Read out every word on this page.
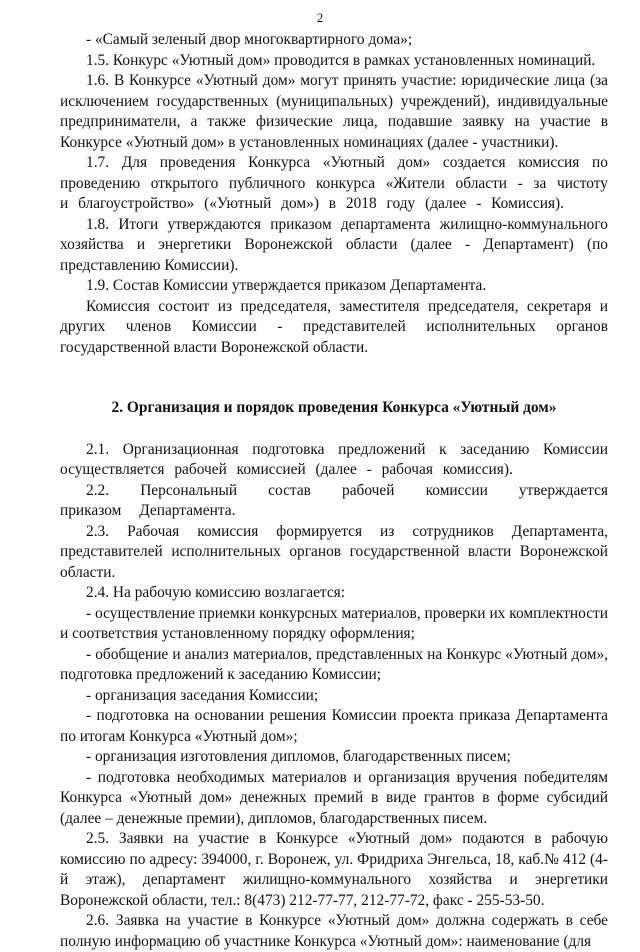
2

- «Самый зеленый двор многоквартирного дома»;

1.5. Конкурс «Уютный дом» проводится в рамках установленных номинаций.

1.6. В Конкурсе «Уютный дом» могут принять участие: юридические лица (за исключением государственных (муниципальных) учреждений), индивидуальные предприниматели, а также физические лица, подавшие заявку на участие в Конкурсе «Уютный дом» в установленных номинациях (далее - участники).

1.7. Для проведения Конкурса «Уютный дом» создается комиссия по проведению открытого публичного конкурса «Жители области - за чистоту и благоустройство» («Уютный дом») в 2018 году (далее - Комиссия).

1.8. Итоги утверждаются приказом департамента жилищно-коммунального хозяйства и энергетики Воронежской области (далее - Департамент) (по представлению Комиссии).

1.9. Состав Комиссии утверждается приказом Департамента.

Комиссия состоит из председателя, заместителя председателя, секретаря и других членов Комиссии - представителей исполнительных органов государственной власти Воронежской области.

2. Организация и порядок проведения Конкурса «Уютный дом»

2.1. Организационная подготовка предложений к заседанию Комиссии осуществляется рабочей комиссией (далее - рабочая комиссия).

2.2. Персональный состав рабочей комиссии утверждается приказом Департамента.

2.3. Рабочая комиссия формируется из сотрудников Департамента, представителей исполнительных органов государственной власти Воронежской области.

2.4. На рабочую комиссию возлагается:

- осуществление приемки конкурсных материалов, проверки их комплектности и соответствия установленному порядку оформления;

- обобщение и анализ материалов, представленных на Конкурс «Уютный дом», подготовка предложений к заседанию Комиссии;

- организация заседания Комиссии;

- подготовка на основании решения Комиссии проекта приказа Департамента по итогам Конкурса «Уютный дом»;

- организация изготовления дипломов, благодарственных писем;

- подготовка необходимых материалов и организация вручения победителям Конкурса «Уютный дом» денежных премий в виде грантов в форме субсидий (далее – денежные премии), дипломов, благодарственных писем.

2.5. Заявки на участие в Конкурсе «Уютный дом» подаются в рабочую комиссию по адресу: 394000, г. Воронеж, ул. Фридриха Энгельса, 18, каб.№ 412 (4-й этаж), департамент жилищно-коммунального хозяйства и энергетики Воронежской области, тел.: 8(473) 212-77-77, 212-77-72, факс - 255-53-50.

2.6. Заявка на участие в Конкурсе «Уютный дом» должна содержать в себе полную информацию об участнике Конкурса «Уютный дом»: наименование (для
